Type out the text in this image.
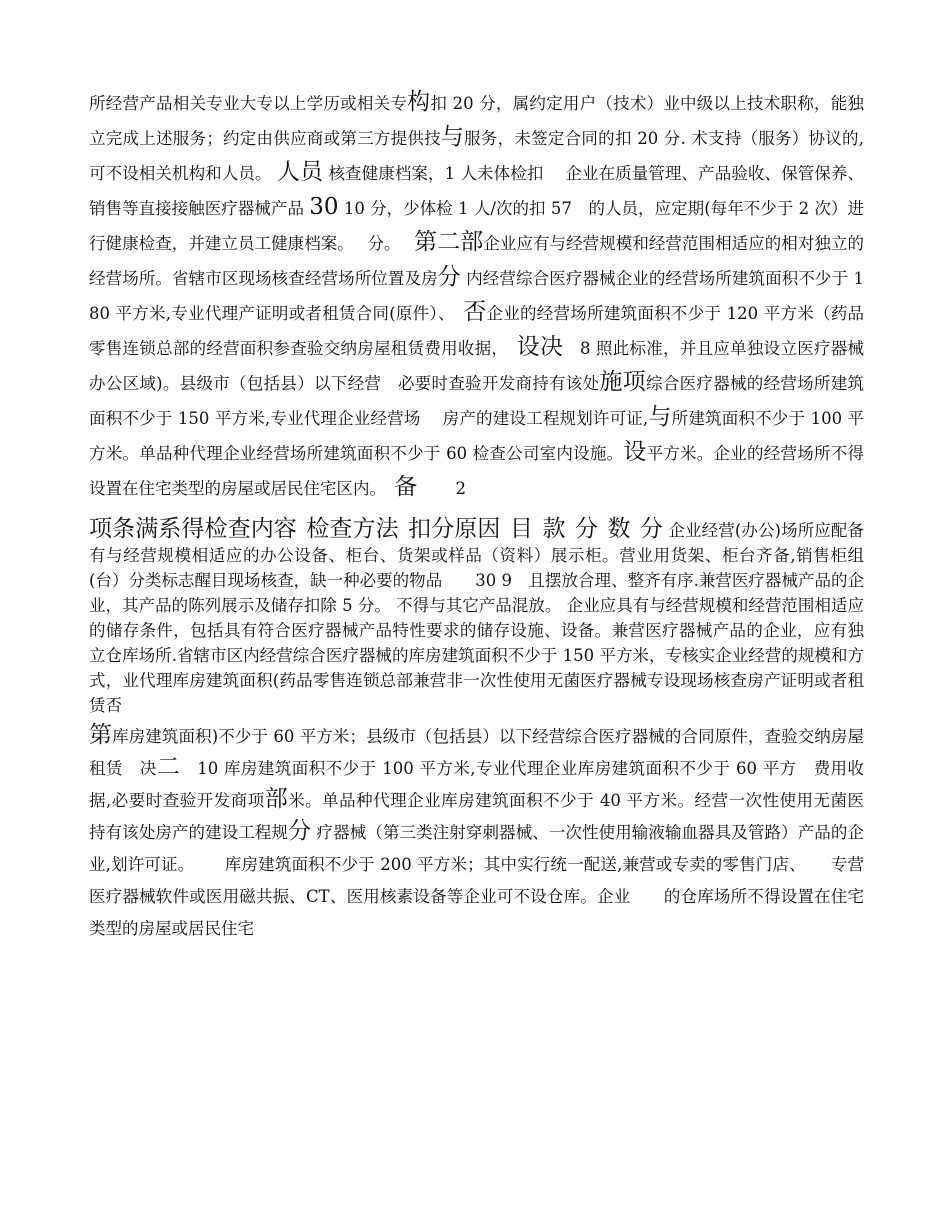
所经营产品相关专业大专以上学历或相关专构扣 20 分，属约定用户（技术）业中级以上技术职称，能独立完成上述服务；约定由供应商或第三方提供技与服务，未签定合同的扣 20 分. 术支持（服务）协议的,可不设相关机构和人员。 人员 核查健康档案，1 人未体检扣　 企业在质量管理、产品验收、保管保养、销售等直接接触医疗器械产品 30 10 分，少体检 1 人/次的扣 57　的人员，应定期(每年不少于 2 次）进行健康检查，并建立员工健康档案。　 分。　 第二部企业应有与经营规模和经营范围相适应的相对独立的经营场所。省辖市区现场核查经营场所位置及房分 内经营综合医疗器械企业的经营场所建筑面积不少于 180 平方米,专业代理产证明或者租赁合同(原件）、　否企业的经营场所建筑面积不少于 120 平方米（药品零售连锁总部的经营面积参查验交纳房屋租赁费用收据，　设决　8 照此标准，并且应单独设立医疗器械办公区域)。县级市（包括县）以下经营　必要时查验开发商持有该处施项综合医疗器械的经营场所建筑面积不少于 150 平方米,专业代理企业经营场　 房产的建设工程规划许可证,与所建筑面积不少于 100 平方米。单品种代理企业经营场所建筑面积不少于 60 检查公司室内设施。设平方米。企业的经营场所不得设置在住宅类型的房屋或居民住宅区内。　备　　 2

项条满系得检查内容 检查方法 扣分原因 目 款 分 数 分 企业经营(办公)场所应配备有与经营规模相适应的办公设备、柜台、货架或样品（资料）展示柜。营业用货架、柜台齐备,销售柜组(台）分类标志醒目现场核查，缺一种必要的物品　　30 9　且摆放合理、整齐有序.兼营医疗器械产品的企业，其产品的陈列展示及储存扣除 5 分。 不得与其它产品混放。 企业应具有与经营规模和经营范围相适应的储存条件，包括具有符合医疗器械产品特性要求的储存设施、设备。兼营医疗器械产品的企业，应有独立仓库场所.省辖市区内经营综合医疗器械的库房建筑面积不少于 150 平方米，专核实企业经营的规模和方式，业代理库房建筑面积(药品零售连锁总部兼营非一次性使用无菌医疗器械专设现场核查房产证明或者租赁否

第库房建筑面积)不少于 60 平方米；县级市（包括县）以下经营综合医疗器械的合同原件，查验交纳房屋租赁　决二　10 库房建筑面积不少于 100 平方米,专业代理企业库房建筑面积不少于 60 平方　费用收据,必要时查验开发商项部米。单品种代理企业库房建筑面积不少于 40 平方米。经营一次性使用无菌医　 持有该处房产的建设工程规分 疗器械（第三类注射穿刺器械、一次性使用输液输血器具及管路）产品的企业,划许可证。　　 库房建筑面积不少于 200 平方米；其中实行统一配送,兼营或专卖的零售门店、　　专营医疗器械软件或医用磁共振、CT、医用核素设备等企业可不设仓库。企业　　的仓库场所不得设置在住宅类型的房屋或居民住宅
